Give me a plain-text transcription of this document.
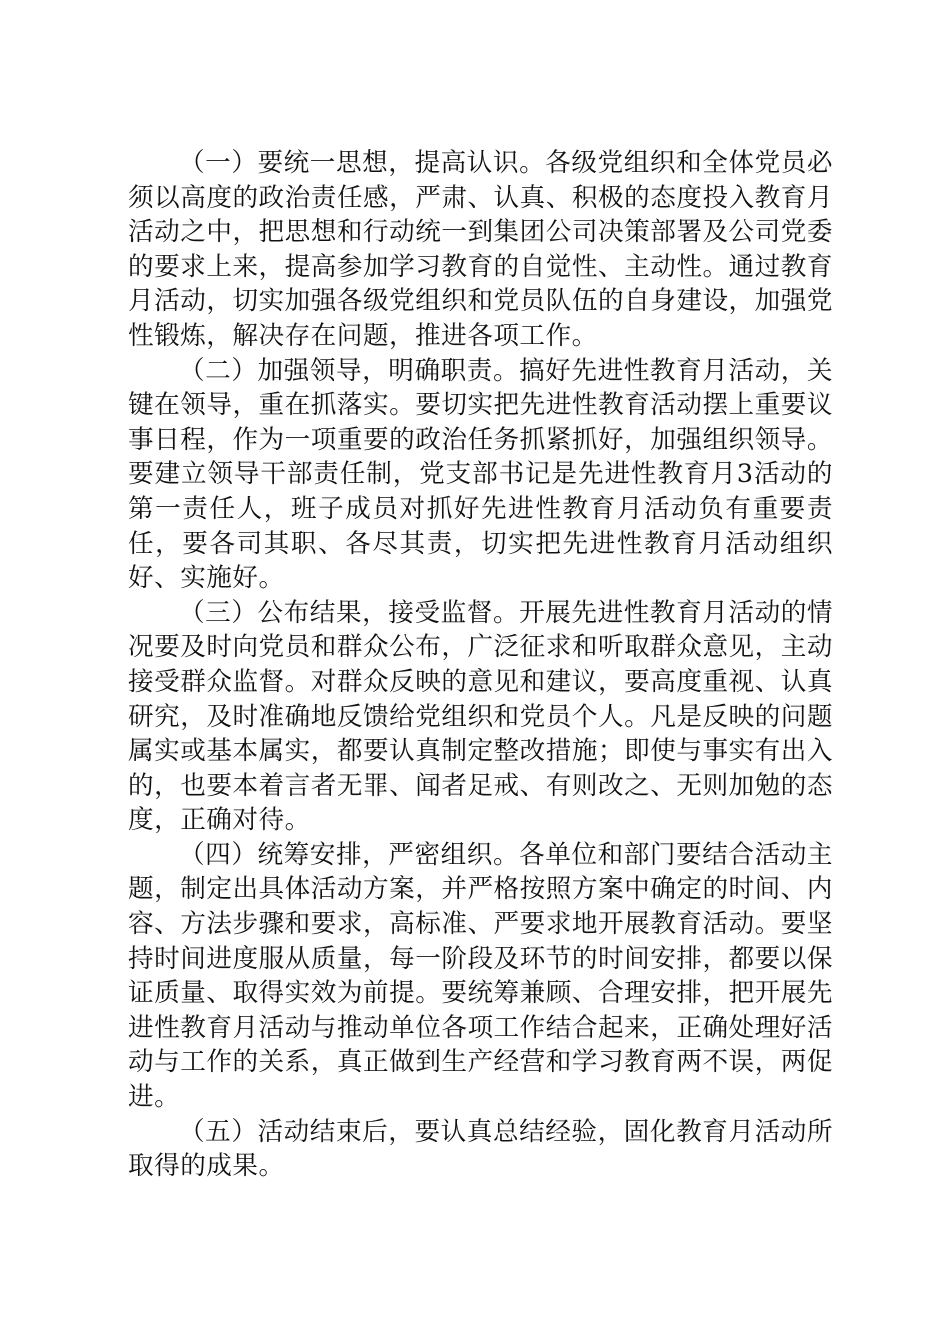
（一）要统一思想，提高认识。各级党组织和全体党员必须以高度的政治责任感，严肃、认真、积极的态度投入教育月活动之中，把思想和行动统一到集团公司决策部署及公司党委的要求上来，提高参加学习教育的自觉性、主动性。通过教育月活动，切实加强各级党组织和党员队伍的自身建设，加强党性锻炼，解决存在问题，推进各项工作。

（二）加强领导，明确职责。搞好先进性教育月活动，关键在领导，重在抓落实。要切实把先进性教育活动摆上重要议事日程，作为一项重要的政治任务抓紧抓好，加强组织领导。要建立领导干部责任制，党支部书记是先进性教育月3活动的第一责任人，班子成员对抓好先进性教育月活动负有重要责任，要各司其职、各尽其责，切实把先进性教育月活动组织好、实施好。

（三）公布结果，接受监督。开展先进性教育月活动的情况要及时向党员和群众公布，广泛征求和听取群众意见，主动接受群众监督。对群众反映的意见和建议，要高度重视、认真研究，及时准确地反馈给党组织和党员个人。凡是反映的问题属实或基本属实，都要认真制定整改措施；即使与事实有出入的，也要本着言者无罪、闻者足戒、有则改之、无则加勉的态度，正确对待。

（四）统筹安排，严密组织。各单位和部门要结合活动主题，制定出具体活动方案，并严格按照方案中确定的时间、内容、方法步骤和要求，高标准、严要求地开展教育活动。要坚持时间进度服从质量，每一阶段及环节的时间安排，都要以保证质量、取得实效为前提。要统筹兼顾、合理安排，把开展先进性教育月活动与推动单位各项工作结合起来，正确处理好活动与工作的关系，真正做到生产经营和学习教育两不误，两促进。

（五）活动结束后，要认真总结经验，固化教育月活动所取得的成果。
